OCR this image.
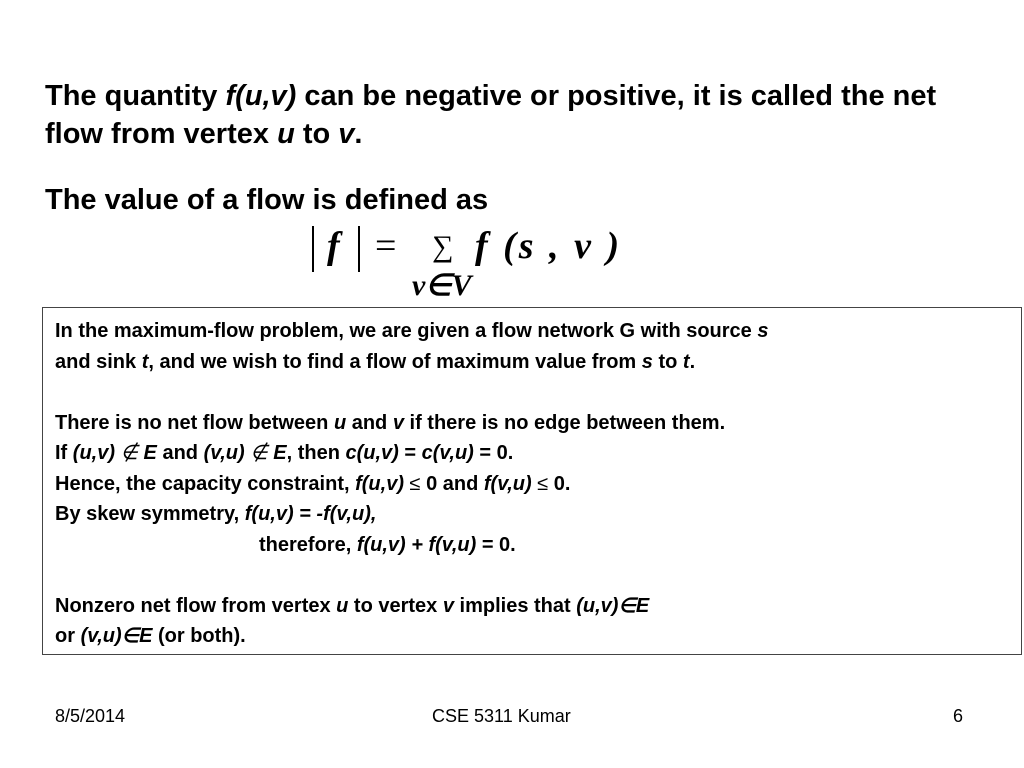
The quantity f(u,v) can be negative or positive, it is called the net flow from vertex u to v.
The value of a flow is defined as
f = ∑ f (s , v )
v∈V
In the maximum-flow problem, we are given a flow network G with source s
and sink t, and we wish to find a flow of maximum value from s to t.
There is no net flow between u and v if there is no edge between them.
If (u,v) ∉ E and (v,u) ∉ E, then c(u,v) = c(v,u) = 0.
Hence, the capacity constraint, f(u,v) ≤ 0 and f(v,u) ≤ 0.
By skew symmetry, f(u,v) = -f(v,u),
therefore, f(u,v) + f(v,u) = 0.
Nonzero net flow from vertex u to vertex v implies that (u,v)∈E
or (v,u)∈E (or both).
8/5/2014	CSE 5311 Kumar	6
